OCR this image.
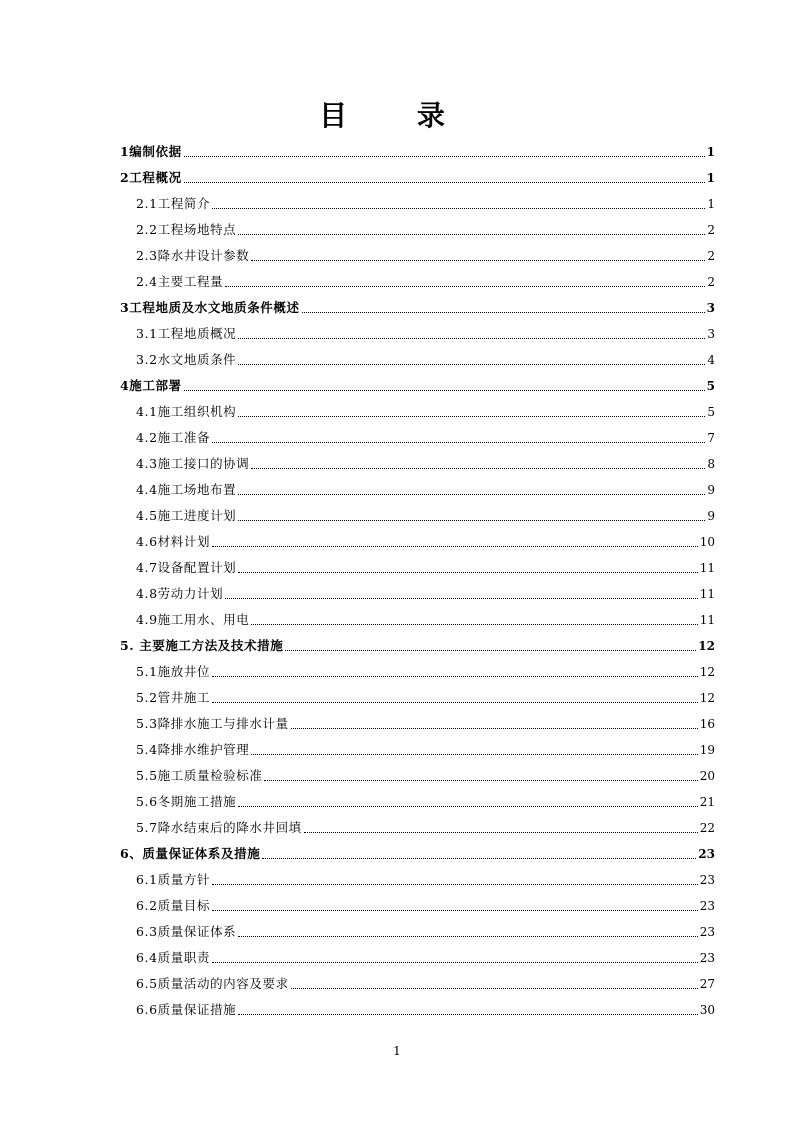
目 录
1编制依据	1
2工程概况	1
2.1工程简介	1
2.2工程场地特点	2
2.3降水井设计参数	2
2.4主要工程量	2
3工程地质及水文地质条件概述	3
3.1工程地质概况	3
3.2水文地质条件	4
4施工部署	5
4.1施工组织机构	5
4.2施工准备	7
4.3施工接口的协调	8
4.4施工场地布置	9
4.5施工进度计划	9
4.6材料计划	10
4.7设备配置计划	11
4.8劳动力计划	11
4.9施工用水、用电	11
5. 主要施工方法及技术措施	12
5.1施放井位	12
5.2管井施工	12
5.3降排水施工与排水计量	16
5.4降排水维护管理	19
5.5施工质量检验标准	20
5.6冬期施工措施	21
5.7降水结束后的降水井回填	22
6、质量保证体系及措施	23
6.1质量方针	23
6.2质量目标	23
6.3质量保证体系	23
6.4质量职责	23
6.5质量活动的内容及要求	27
6.6质量保证措施	30
1
